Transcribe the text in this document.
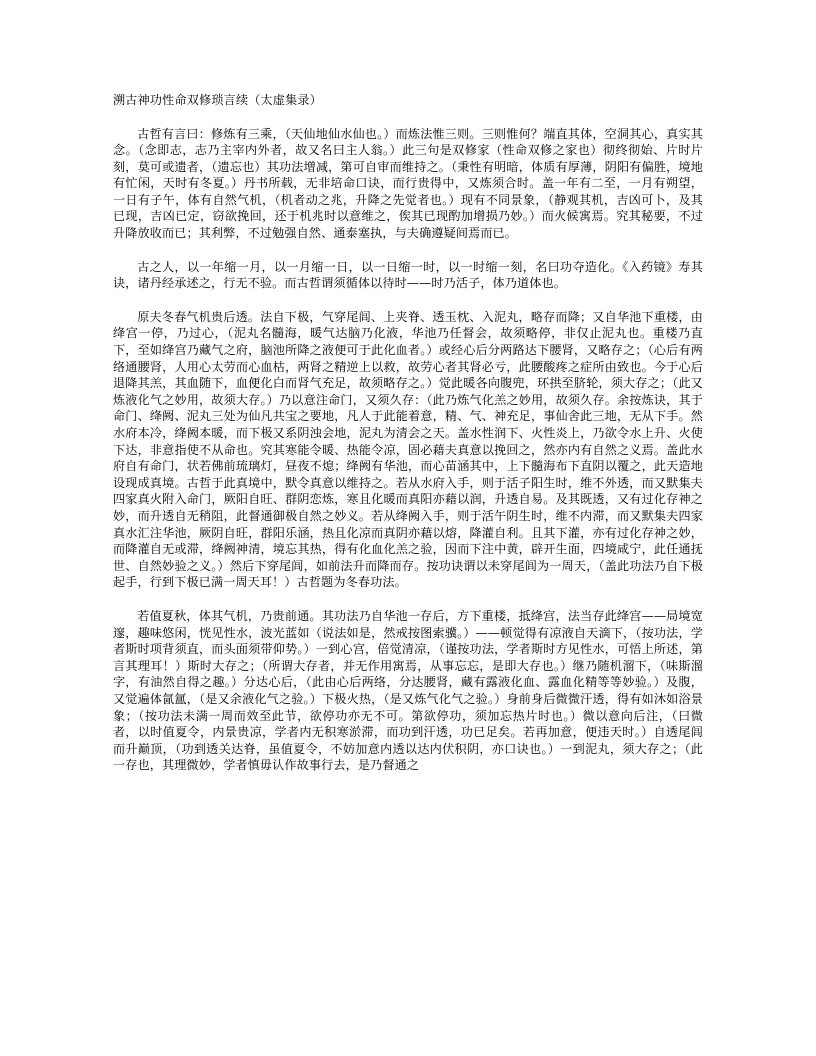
溯古神功性命双修琐言续（太虚集录）

古哲有言曰：修炼有三乘，（天仙地仙水仙也。）而炼法惟三则。三则惟何？端直其体，空洞其心，真实其念。（念即志，志乃主宰内外者，故又名曰主人翁。）此三句是双修家（性命双修之家也）彻终彻始、片时片刻，莫可或遗者，（遗忘也）其功法增减，第可自审而维持之。（秉性有明暗，体质有厚薄，阴阳有偏胜，境地有忙闲，天时有冬夏。）丹书所载，无非培命口诀，而行贵得中，又炼须合时。盖一年有二至，一月有朔望，一日有子午，体有自然气机，（机者动之兆，升降之先觉者也。）现有不同景象，（静观其机，吉凶可卜，及其已现，吉凶已定，窃欲挽回，还于机兆时以意维之，俟其已现酌加增损乃妙。）而火候寓焉。究其秘要，不过升降放收而已；其利弊，不过勉强自然、通泰塞执，与夫确遵疑间焉而已。

古之人，以一年缩一月，以一月缩一日，以一日缩一时，以一时缩一刻，名曰功夺造化。《入药镜》寿其诀，诸丹经承述之，行无不验。而古哲谓须循体以待时——时乃活子，体乃道体也。

原夫冬春气机贵后透。法自下极，气穿尾闾、上夹脊、透玉枕、入泥丸，略存而降；又自华池下重楼，由绛宫一停，乃过心，（泥丸名髓海，暖气达脑乃化液，华池乃任督会，故须略停，非仅止泥丸也。重楼乃直下，至如绛宫乃藏气之府，脑池所降之液便可于此化血者。）或经心后分两路达下腰肾，又略存之；（心后有两络通腰肾，人用心太劳而心血枯，两肾之精逆上以救，故劳心者其肾必亏，此腰酸疼之症所由致也。今于心后退降其羔，其血随下，血便化白而肾气充足，故须略存之。）觉此暖各向腹兜，环拱至脐轮，须大存之；（此又炼液化气之妙用，故须大存。）乃以意注命门，又须久存：（此乃炼气化羔之妙用，故须久存。余按炼诀，其于命门、绛阙、泥丸三处为仙凡共宝之要地，凡人于此能着意，精、气、神充足，事仙舍此三地，无从下手。然水府本冷，绛阙本暖，而下极又系阴浊会地，泥丸为清会之天。盖水性润下、火性炎上，乃欲令水上升、火使下达，非意指使不从命也。究其寒能令暖、热能令凉，固必藉夫真意以挽回之，然亦内有自然之义焉。盖此水府自有命门，状若佛前琉璃灯，昼夜不熄；绛阙有华池，而心苗涵其中，上下髓海布下直阴以覆之，此天造地设现成真境。古哲于此真境中，默令真意以维持之。若从水府入手，则于活子阳生时，维不外透，而又默集夫四家真火附入命门，厥阳自旺、群阴恋炼，寒且化暖而真阳亦藉以润，升透自易。及其既透，又有过化存神之妙，而升透自无稍阻，此督通御极自然之妙义。若从绛阙入手，则于活午阴生时，维不内滞，而又默集夫四家真水汇注华池，厥阴自旺，群阳乐涵，热且化凉而真阴亦藉以熔，降灌自利。且其下灌，亦有过化存神之妙，而降灌自无或滞，绛阙神清，境忘其热，得有化血化羔之验，因而下注中黄，辟开生面，四境咸宁，此任通抚世、自然妙验之义。）然后下穿尾闾，如前法升而降而存。按功诀谓以未穿尾闾为一周天，（盖此功法乃自下极起手，行到下极已满一周天耳！）古哲题为冬春功法。

若值夏秋，体其气机，乃贵前通。其功法乃自华池一存后，方下重楼，抵绛宫，法当存此绛宫——局境宽邃，趣味悠闲，恍见性水，波光蓝如（说法如是，然戒按图索骥。）——顿觉得有凉液自天滴下，（按功法，学者斯时项背须直，而头面须带仰势。）一到心宫，倍觉清凉，（谨按功法，学者斯时方见性水，可悟上所述，第言其理耳！）斯时大存之；（所谓大存者，并无作用寓焉，从事忘忘，是即大存也。）继乃随机溜下，（味斯溜字，有油然自得之趣。）分达心后，（此由心后两络，分达腰肾，藏有露液化血、露血化精等等妙验。）及腹，又觉遍体氤氲，（是又余液化气之验。）下极火热，（是又炼气化气之验。）身前身后微微汗透，得有如沐如浴景象；（按功法未满一周而效至此节，欲停功亦无不可。第欲停功，须加忘热片时也。）微以意向后注，（曰微者，以时值夏令，内景贵凉，学者内无积寒淤滞，而功到汗透，功已足矣。若再加意，便违天时。）自透尾闾而升巅顶，（功到透关达脊，虽值夏令，不妨加意内透以达内伏积阴，亦口诀也。）一到泥丸，须大存之；（此一存也，其理微妙，学者慎毋认作故事行去，是乃督通之
